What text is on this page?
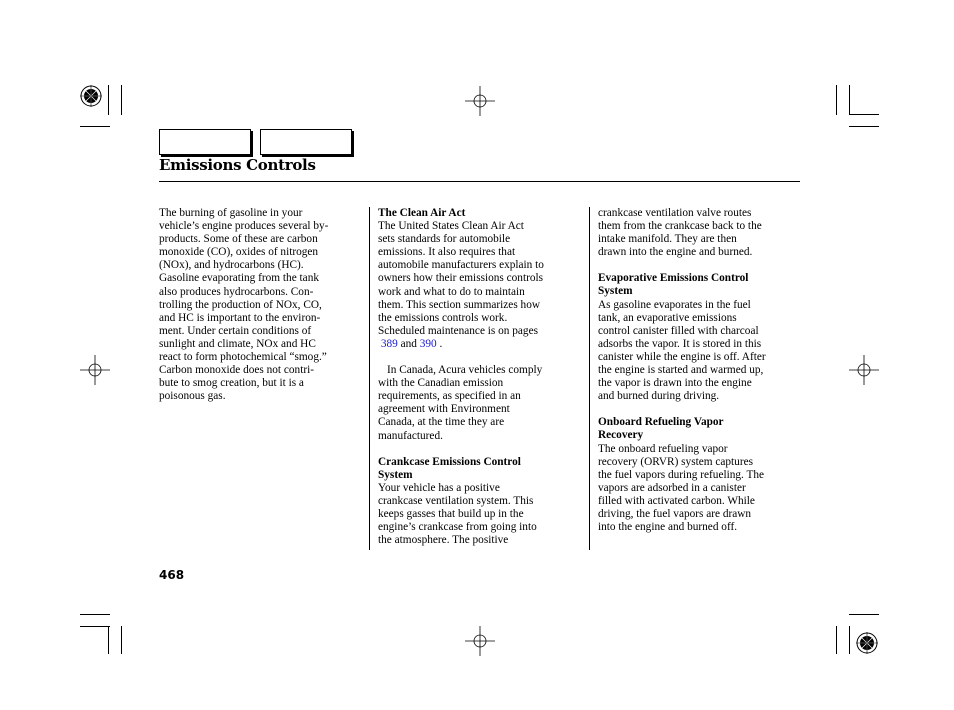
Emissions Controls

The burning of gasoline in your

vehicle’s engine produces several by-

products. Some of these are carbon

monoxide (CO), oxides of nitrogen

(NOx), and hydrocarbons (HC).

Gasoline evaporating from the tank

also produces hydrocarbons. Con-

trolling the production of NOx, CO,

and HC is important to the environ-

ment. Under certain conditions of

sunlight and climate, NOx and HC

react to form photochemical “smog.”

Carbon monoxide does not contri-

bute to smog creation, but it is a

poisonous gas.

The Clean Air Act

The United States Clean Air Act

sets standards for automobile

emissions. It also requires that

automobile manufacturers explain to

owners how their emissions controls

work and what to do to maintain

them. This section summarizes how

the emissions controls work.

Scheduled maintenance is on pages

389 and 390 .

In Canada, Acura vehicles comply

with the Canadian emission

requirements, as specified in an

agreement with Environment

Canada, at the time they are

manufactured.

Crankcase Emissions Control

System

Your vehicle has a positive

crankcase ventilation system. This

keeps gasses that build up in the

engine’s crankcase from going into

the atmosphere. The positive

crankcase ventilation valve routes

them from the crankcase back to the

intake manifold. They are then

drawn into the engine and burned.

Evaporative Emissions Control

System

As gasoline evaporates in the fuel

tank, an evaporative emissions

control canister filled with charcoal

adsorbs the vapor. It is stored in this

canister while the engine is off. After

the engine is started and warmed up,

the vapor is drawn into the engine

and burned during driving.

Onboard Refueling Vapor

Recovery

The onboard refueling vapor

recovery (ORVR) system captures

the fuel vapors during refueling. The

vapors are adsorbed in a canister

filled with activated carbon. While

driving, the fuel vapors are drawn

into the engine and burned off.

468
